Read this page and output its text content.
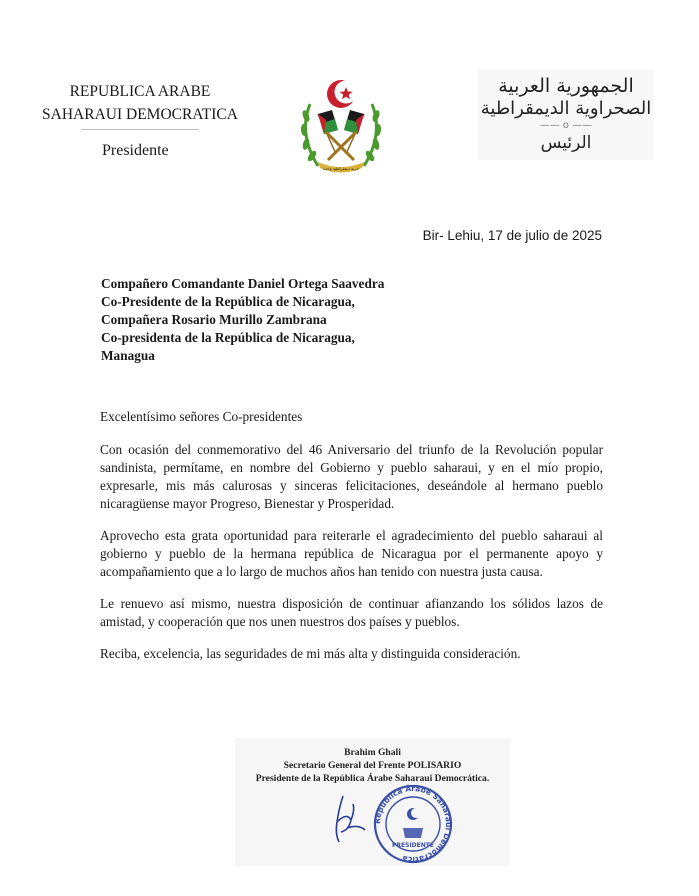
REPUBLICA ARABE
SAHARAUI DEMOCRATICA
Presidente
حرية ديمقراطية وحدة
الجمهورية العربية
الصحراوية الديمقراطية
—— o ——
الرئيس
Bir- Lehiu, 17 de julio de 2025
Compañero Comandante Daniel Ortega Saavedra
Co-Presidente de la República de Nicaragua,
Compañera Rosario Murillo Zambrana
Co-presidenta de la República de Nicaragua,
Managua

Excelentísimo señores Co-presidentes

Con ocasión del conmemorativo del 46 Aniversario del triunfo de la Revolución popular sandinista, permítame, en nombre del Gobierno y pueblo saharaui, y en el mío propio, expresarle, mis más calurosas y sinceras felicitaciones, deseándole al hermano pueblo nicaragüense mayor Progreso, Bienestar y Prosperidad.

Aprovecho esta grata oportunidad para reiterarle el agradecimiento del pueblo saharaui al gobierno y pueblo de la hermana república de Nicaragua por el permanente apoyo y acompañamiento que a lo largo de muchos años han tenido con nuestra justa causa.

Le renuevo así mismo, nuestra disposición de continuar afianzando los sólidos lazos de amistad, y cooperación que nos unen nuestros dos países y pueblos.

Reciba, excelencia, las seguridades de mi más alta y distinguida consideración.

República Árabe Saharaui Democrática
PRESIDENTE
Brahim Ghali
Secretario General del Frente POLISARIO
Presidente de la República Árabe Saharaui Democrática.
